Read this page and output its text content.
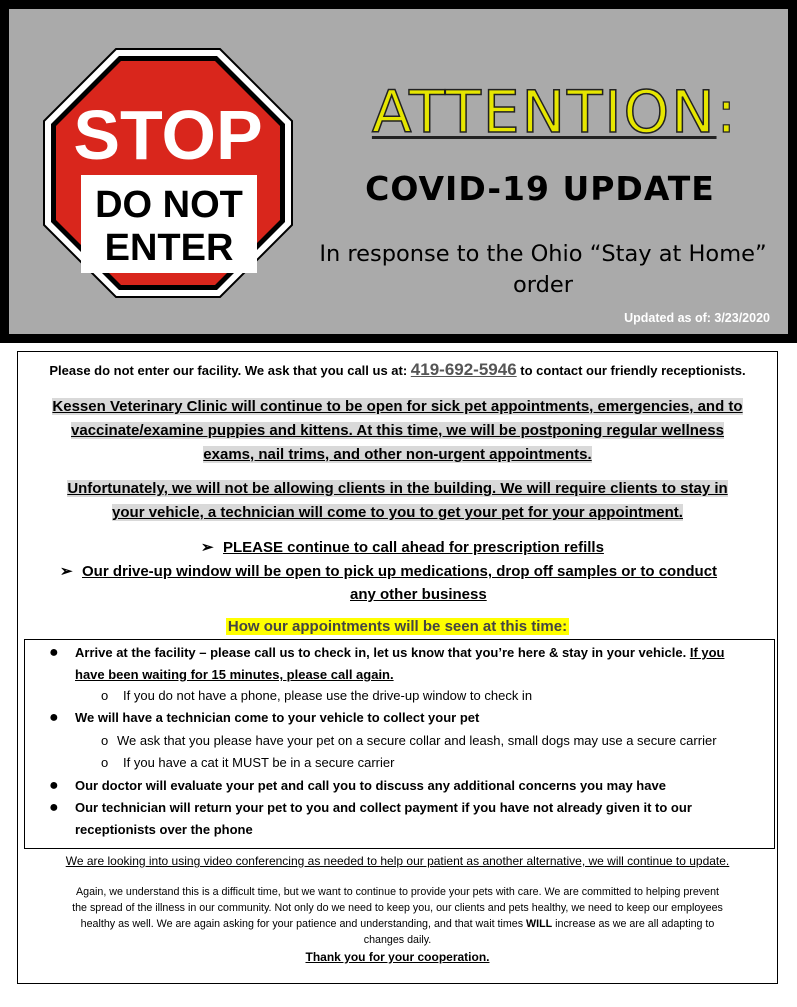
STOP
DO NOT
ENTER
ATTENTION:
COVID-19 UPDATE
In response to the Ohio “Stay at Home”
order
Updated as of: 3/23/2020
Please do not enter our facility. We ask that you call us at: 419-692-5946 to contact our friendly receptionists.
Kessen Veterinary Clinic will continue to be open for sick pet appointments, emergencies, and to
vaccinate/examine puppies and kittens. At this time, we will be postponing regular wellness
exams, nail trims, and other non-urgent appointments.
Unfortunately, we will not be allowing clients in the building. We will require clients to stay in
your vehicle, a technician will come to you to get your pet for your appointment.
➢ PLEASE continue to call ahead for prescription refills
➢ Our drive-up window will be open to pick up medications, drop off samples or to conduct
any other business
How our appointments will be seen at this time:
● Arrive at the facility – please call us to check in, let us know that you’re here & stay in your vehicle. If you
have been waiting for 15 minutes, please call again.
o If you do not have a phone, please use the drive-up window to check in
● We will have a technician come to your vehicle to collect your pet
o We ask that you please have your pet on a secure collar and leash, small dogs may use a secure carrier
o If you have a cat it MUST be in a secure carrier
● Our doctor will evaluate your pet and call you to discuss any additional concerns you may have
● Our technician will return your pet to you and collect payment if you have not already given it to our
receptionists over the phone
We are looking into using video conferencing as needed to help our patient as another alternative, we will continue to update.
Again, we understand this is a difficult time, but we want to continue to provide your pets with care. We are committed to helping prevent
the spread of the illness in our community. Not only do we need to keep you, our clients and pets healthy, we need to keep our employees
healthy as well. We are again asking for your patience and understanding, and that wait times WILL increase as we are all adapting to
changes daily.
Thank you for your cooperation.
